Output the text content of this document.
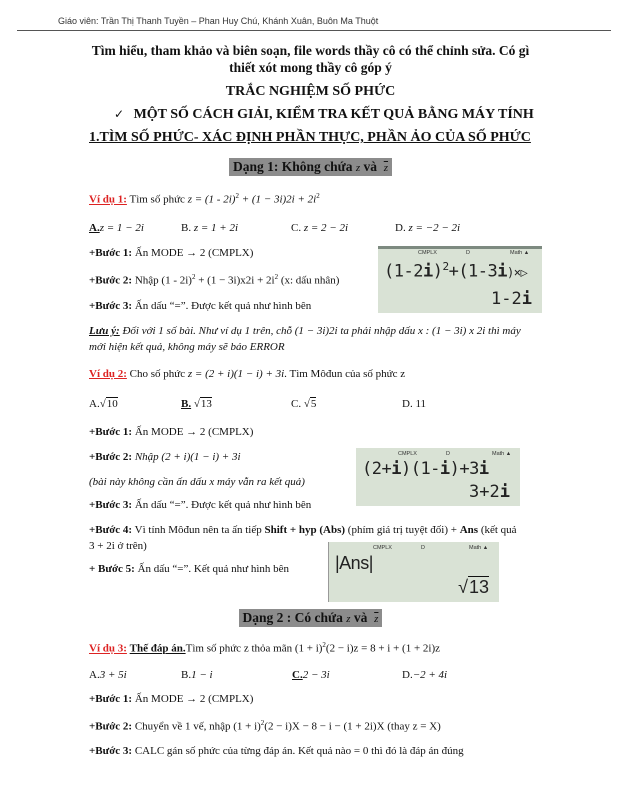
Giáo viên: Trần Thị Thanh Tuyền – Phan Huy Chú, Khánh Xuân, Buôn Ma Thuột
Tìm hiểu, tham khảo và biên soạn, file words thầy cô có thể chỉnh sửa. Có gì
thiết xót mong thầy cô góp ý
TRẮC NGHIỆM SỐ PHỨC
✓ MỘT SỐ CÁCH GIẢI, KIỂM TRA KẾT QUẢ BẰNG MÁY TÍNH
1.TÌM SỐ PHỨC- XÁC ĐỊNH PHẦN THỰC, PHẦN ẢO CỦA SỐ PHỨC
Dạng 1: Không chứa z và $\overline{z}$
Ví dụ 1: Tìm số phức $z = (1 - 2i)^2 + (1 - 3i)2i + 2i^2$
A.z = 1 − 2i	B. z = 1 + 2i	C. z = 2 − 2i	D. z = −2 − 2i
+Bước 1: Ấn MODE → 2 (CMPLX)
+Bước 2: Nhập $(1 - 2i)^2 + (1 - 3i)x2i + 2i^2$ (x: dấu nhân)
+Bước 3: Ấn dấu “=”. Được kết quả như hình bên
CMPLX	D	Math ▲
$(1-2i)^2+(1-3i)\times▷$
1-2i
Lưu ý: Đối với 1 số bài. Như ví dụ 1 trên, chỗ (1 − 3i)2i ta phải nhập dấu x : (1 − 3i) x 2i thì máy
mới hiện kết quả, không máy sẽ báo ERROR
Ví dụ 2: Cho số phức z = (2 + i)(1 − i) + 3i. Tìm Môđun của số phức z
A.√10	B. √13	C. √5	D. 11
+Bước 1: Ấn MODE → 2 (CMPLX)
+Bước 2: Nhập (2 + i)(1 − i) + 3i
(bài này không cần ấn dấu x máy vẫn ra kết quả)
+Bước 3: Ấn dấu “=”. Được kết quả như hình bên
CMPLX	D	Math ▲
(2+i)(1-i)+3i
3+2i
+Bước 4: Vì tính Môđun nên ta ấn tiếp Shift + hyp (Abs) (phím giá trị tuyệt đối) + Ans (kết quả
3 + 2i ở trên)
+ Bước 5: Ấn dấu “=”. Kết quả như hình bên
CMPLX	D	Math ▲
|Ans|
√13
Dạng 2 : Có chứa z và $\overline{z}$
Ví dụ 3: Thế đáp án.Tìm số phức z thỏa mãn $(1 + i)^2(2 - i)z = 8 + i + (1 + 2i)z$
A.3 + 5i	B.1 − i	C.2 − 3i	D.−2 + 4i
+Bước 1: Ấn MODE → 2 (CMPLX)
+Bước 2: Chuyển về 1 vế, nhập $(1 + i)^2(2 - i)X - 8 - i - (1 + 2i)X$ (thay z = X)
+Bước 3: CALC gán số phức của từng đáp án. Kết quả nào = 0 thì đó là đáp án đúng
